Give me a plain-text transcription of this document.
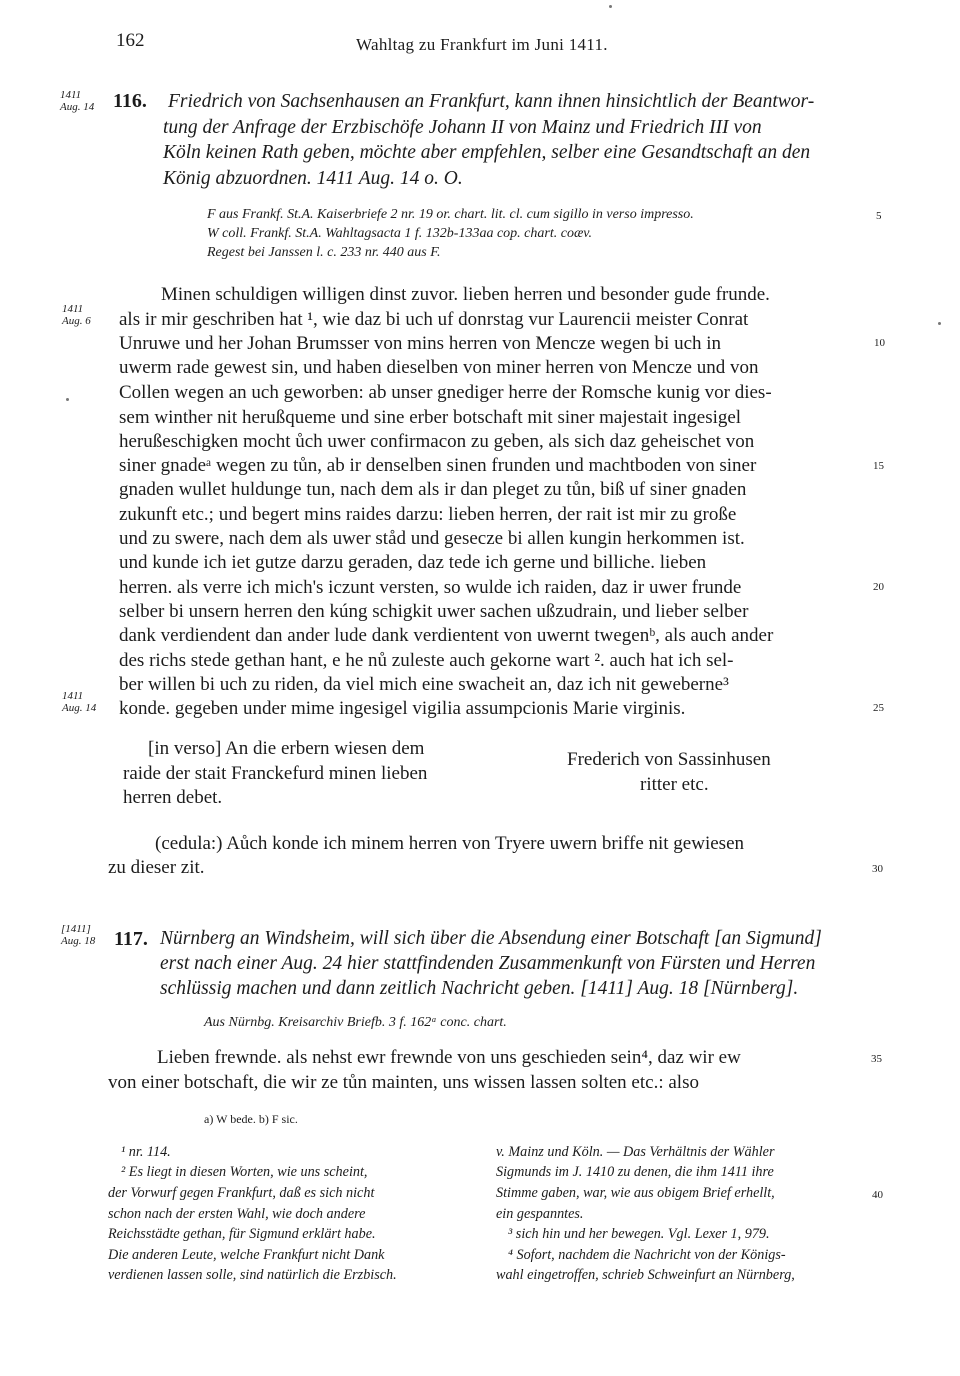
162	Wahltag zu Frankfurt im Juni 1411.
1411
Aug. 14 116. Friedrich von Sachsenhausen an Frankfurt, kann ihnen hinsichtlich der Beantwor-
tung der Anfrage der Erzbischöfe Johann II von Mainz und Friedrich III von
Köln keinen Rath geben, möchte aber empfehlen, selber eine Gesandtschaft an den
König abzuordnen. 1411 Aug. 14 o. O.
F aus Frankf. St.A. Kaiserbriefe 2 nr. 19 or. chart. lit. cl. cum sigillo in verso impresso.
W coll. Frankf. St.A. Wahltagsacta 1 f. 132b-133aa cop. chart. coæv.
Regest bei Janssen l. c. 233 nr. 440 aus F.
5
Minen schuldigen willigen dinst zuvor. lieben herren und besonder gude frunde.
1411
Aug. 6 als ir mir geschriben hat ¹, wie daz bi uch uf donrstag vur Laurencii meister Conrat
Unruwe und her Johan Brumsser von mins herren von Mencze wegen bi uch in
uwerm rade gewest sin, und haben dieselben von miner herren von Mencze und von
10
Collen wegen an uch geworben: ab unser gnediger herre der Romsche kunig vor dies-
sem winther nit herußqueme und sine erber botschaft mit siner majestait ingesigel
herußeschigken mocht ůch uwer confirmacon zu geben, als sich daz geheischet von
siner gnadeᵃ wegen zu tůn, ab ir denselben sinen frunden und machtboden von siner	15
gnaden wullet huldunge tun, nach dem als ir dan pleget zu tůn, biß uf siner gnaden
zukunft etc.; und begert mins raides darzu: lieben herren, der rait ist mir zu große
und zu swere, nach dem als uwer ståd und gesecze bi allen kungin herkommen ist.
und kunde ich iet gutze darzu geraden, daz tede ich gerne und billiche. lieben
herren. als verre ich mich's iczunt versten, so wulde ich raiden, daz ir uwer frunde	20
selber bi unsern herren den kúng schigkit uwer sachen ußzudrain, und lieber selber
dank verdiendent dan ander lude dank verdientent von uwernt twegenᵇ, als auch ander
des richs stede gethan hant, e he nů zuleste auch gekorne wart ². auch hat ich sel-
ber willen bi uch zu riden, da viel mich eine swacheit an, daz ich nit geweberne³
1411
Aug. 14 konde. gegeben under mime ingesigel vigilia assumpcionis Marie virginis.	25
[in verso] An die erbern wiesen dem
raide der stait Franckefurd minen lieben
herren debet.
Frederich von Sassinhusen
ritter etc.
(cedula:) Aůch konde ich minem herren von Tryere uwern briffe nit gewiesen
zu dieser zit.	30
[1411]
Aug. 18 117. Nürnberg an Windsheim, will sich über die Absendung einer Botschaft [an Sigmund]
erst nach einer Aug. 24 hier stattfindenden Zusammenkunft von Fürsten und Herren
schlüssig machen und dann zeitlich Nachricht geben. [1411] Aug. 18 [Nürnberg].
Aus Nürnbg. Kreisarchiv Briefb. 3 f. 162ᵃ conc. chart.
Lieben frewnde. als nehst ewr frewnde von uns geschieden sein⁴, daz wir ew
von einer botschaft, die wir ze tůn mainten, uns wissen lassen solten etc.: also
35
a) W bede. b) F sic.
¹ nr. 114.
² Es liegt in diesen Worten, wie uns scheint,
der Vorwurf gegen Frankfurt, daß es sich nicht
schon nach der ersten Wahl, wie doch andere
Reichsstädte gethan, für Sigmund erklärt habe.
Die anderen Leute, welche Frankfurt nicht Dank
verdienen lassen solle, sind natürlich die Erzbisch.
v. Mainz und Köln. — Das Verhältnis der Wähler
Sigmunds im J. 1410 zu denen, die ihm 1411 ihre
Stimme gaben, war, wie aus obigem Brief erhellt,
ein gespanntes.
³ sich hin und her bewegen. Vgl. Lexer 1, 979.
⁴ Sofort, nachdem die Nachricht von der Königs-
wahl eingetroffen, schrieb Schweinfurt an Nürnberg,
40
